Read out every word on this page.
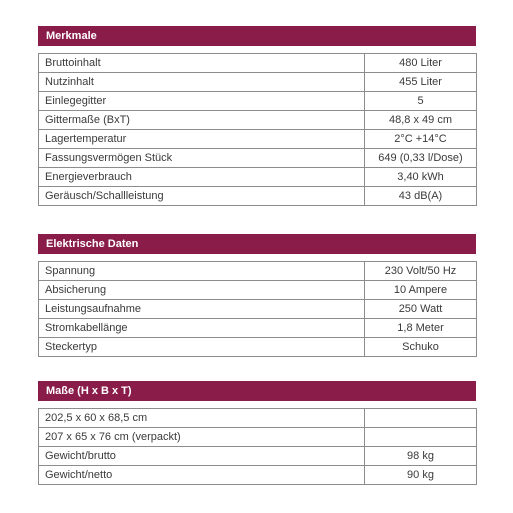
Merkmale
Bruttoinhalt	480 Liter
Nutzinhalt	455 Liter
Einlegegitter	5
Gittermaße (BxT)	48,8 x 49 cm
Lagertemperatur	2°C +14°C
Fassungsvermögen Stück	649 (0,33 l/Dose)
Energieverbrauch	3,40 kWh
Geräusch/Schallleistung	43 dB(A)
Elektrische Daten
Spannung	230 Volt/50 Hz
Absicherung	10 Ampere
Leistungsaufnahme	250 Watt
Stromkabellänge	1,8 Meter
Steckertyp	Schuko
Maße (H x B x T)
202,5 x 60 x 68,5 cm	
207 x 65 x 76 cm (verpackt)	
Gewicht/brutto	98 kg
Gewicht/netto	90 kg
